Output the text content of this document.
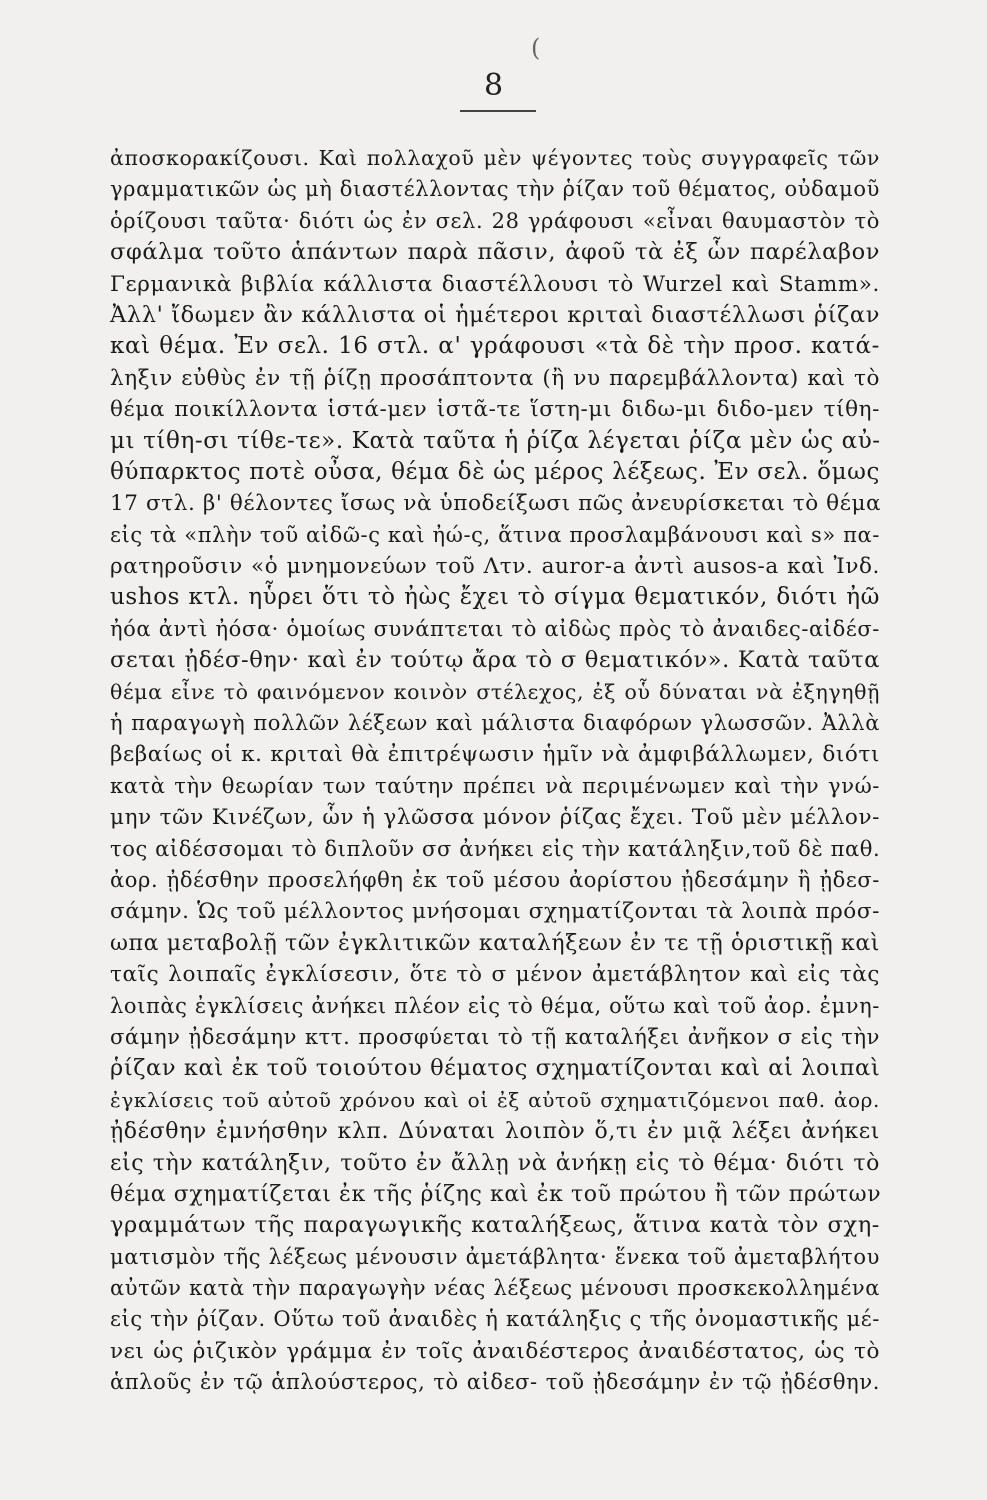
(
8
ἀποσκορακίζουσι. Καὶ πολλαχοῦ μὲν ψέγοντες τοὺς συγγραφεῖς τῶν
γραμματικῶν ὡς μὴ διαστέλλοντας τὴν ῥίζαν τοῦ θέματος, οὐδαμοῦ
ὁρίζουσι ταῦτα· διότι ὡς ἐν σελ. 28 γράφουσι «εἶναι θαυμαστὸν τὸ
σφάλμα τοῦτο ἁπάντων παρὰ πᾶσιν, ἀφοῦ τὰ ἐξ ὧν παρέλαβον
Γερμανικὰ βιβλία κάλλιστα διαστέλλουσι τὸ Wurzel καὶ Stamm».
Ἀλλ' ἴδωμεν ἂν κάλλιστα οἱ ἡμέτεροι κριταὶ διαστέλλωσι ῥίζαν
καὶ θέμα. Ἐν σελ. 16 στλ. α' γράφουσι «τὰ δὲ τὴν προσ. κατά-
ληξιν εὐθὺς ἐν τῇ ῥίζῃ προσάπτοντα (ἢ νυ παρεμβάλλοντα) καὶ τὸ
θέμα ποικίλλοντα ἱστά-μεν ἱστᾶ-τε ἵστη-μι διδω-μι διδο-μεν τίθη-
μι τίθη-σι τίθε-τε». Κατὰ ταῦτα ἡ ῥίζα λέγεται ῥίζα μὲν ὡς αὐ-
θύπαρκτος ποτὲ οὖσα, θέμα δὲ ὡς μέρος λέξεως. Ἐν σελ. ὅμως
17 στλ. β' θέλοντες ἴσως νὰ ὑποδείξωσι πῶς ἀνευρίσκεται τὸ θέμα
εἰς τὰ «πλὴν τοῦ αἰδῶ-ς καὶ ἠώ-ς, ἅτινα προσλαμβάνουσι καὶ s» πα-
ρατηροῦσιν «ὁ μνημονεύων τοῦ Λτν. auror-a ἀντὶ ausos-a καὶ Ἰνδ.
ushos κτλ. ηὗρει ὅτι τὸ ἠὼς ἔχει τὸ σίγμα θεματικόν, διότι ἠῶ
ἠόα ἀντὶ ἠόσα· ὁμοίως συνάπτεται τὸ αἰδὼς πρὸς τὸ ἀναιδες-αἰδέσ-
σεται ᾐδέσ-θην· καὶ ἐν τούτῳ ἄρα τὸ σ θεματικόν». Κατὰ ταῦτα
θέμα εἶνε τὸ φαινόμενον κοινὸν στέλεχος, ἐξ οὗ δύναται νὰ ἐξηγηθῇ
ἡ παραγωγὴ πολλῶν λέξεων καὶ μάλιστα διαφόρων γλωσσῶν. Ἀλλὰ
βεβαίως οἱ κ. κριταὶ θὰ ἐπιτρέψωσιν ἡμῖν νὰ ἀμφιβάλλωμεν, διότι
κατὰ τὴν θεωρίαν των ταύτην πρέπει νὰ περιμένωμεν καὶ τὴν γνώ-
μην τῶν Κινέζων, ὧν ἡ γλῶσσα μόνον ῥίζας ἔχει. Τοῦ μὲν μέλλον-
τος αἰδέσσομαι τὸ διπλοῦν σσ ἀνήκει εἰς τὴν κατάληξιν,τοῦ δὲ παθ.
ἀορ. ᾐδέσθην προσελήφθη ἐκ τοῦ μέσου ἀορίστου ᾐδεσάμην ἢ ᾐδεσ-
σάμην. Ὡς τοῦ μέλλοντος μνήσομαι σχηματίζονται τὰ λοιπὰ πρόσ-
ωπα μεταβολῇ τῶν ἐγκλιτικῶν καταλήξεων ἐν τε τῇ ὁριστικῇ καὶ
ταῖς λοιπαῖς ἐγκλίσεσιν, ὅτε τὸ σ μένον ἀμετάβλητον καὶ εἰς τὰς
λοιπὰς ἐγκλίσεις ἀνήκει πλέον εἰς τὸ θέμα, οὕτω καὶ τοῦ ἀορ. ἐμνη-
σάμην ᾐδεσάμην κττ. προσφύεται τὸ τῇ καταλήξει ἀνῆκον σ εἰς τὴν
ῥίζαν καὶ ἐκ τοῦ τοιούτου θέματος σχηματίζονται καὶ αἱ λοιπαὶ
ἐγκλίσεις τοῦ αὐτοῦ χρόνου καὶ οἱ ἐξ αὐτοῦ σχηματιζόμενοι παθ. ἀορ.
ᾐδέσθην ἐμνήσθην κλπ. Δύναται λοιπὸν ὅ,τι ἐν μιᾷ λέξει ἀνήκει
εἰς τὴν κατάληξιν, τοῦτο ἐν ἄλλῃ νὰ ἀνήκῃ εἰς τὸ θέμα· διότι τὸ
θέμα σχηματίζεται ἐκ τῆς ῥίζης καὶ ἐκ τοῦ πρώτου ἢ τῶν πρώτων
γραμμάτων τῆς παραγωγικῆς καταλήξεως, ἅτινα κατὰ τὸν σχη-
ματισμὸν τῆς λέξεως μένουσιν ἀμετάβλητα· ἕνεκα τοῦ ἀμεταβλήτου
αὐτῶν κατὰ τὴν παραγωγὴν νέας λέξεως μένουσι προσκεκολλημένα
εἰς τὴν ῥίζαν. Οὕτω τοῦ ἀναιδὲς ἡ κατάληξις ς τῆς ὀνομαστικῆς μέ-
νει ὡς ῥιζικὸν γράμμα ἐν τοῖς ἀναιδέστερος ἀναιδέστατος, ὡς τὸ
ἁπλοῦς ἐν τῷ ἁπλούστερος, τὸ αἰδεσ- τοῦ ᾐδεσάμην ἐν τῷ ᾐδέσθην.
